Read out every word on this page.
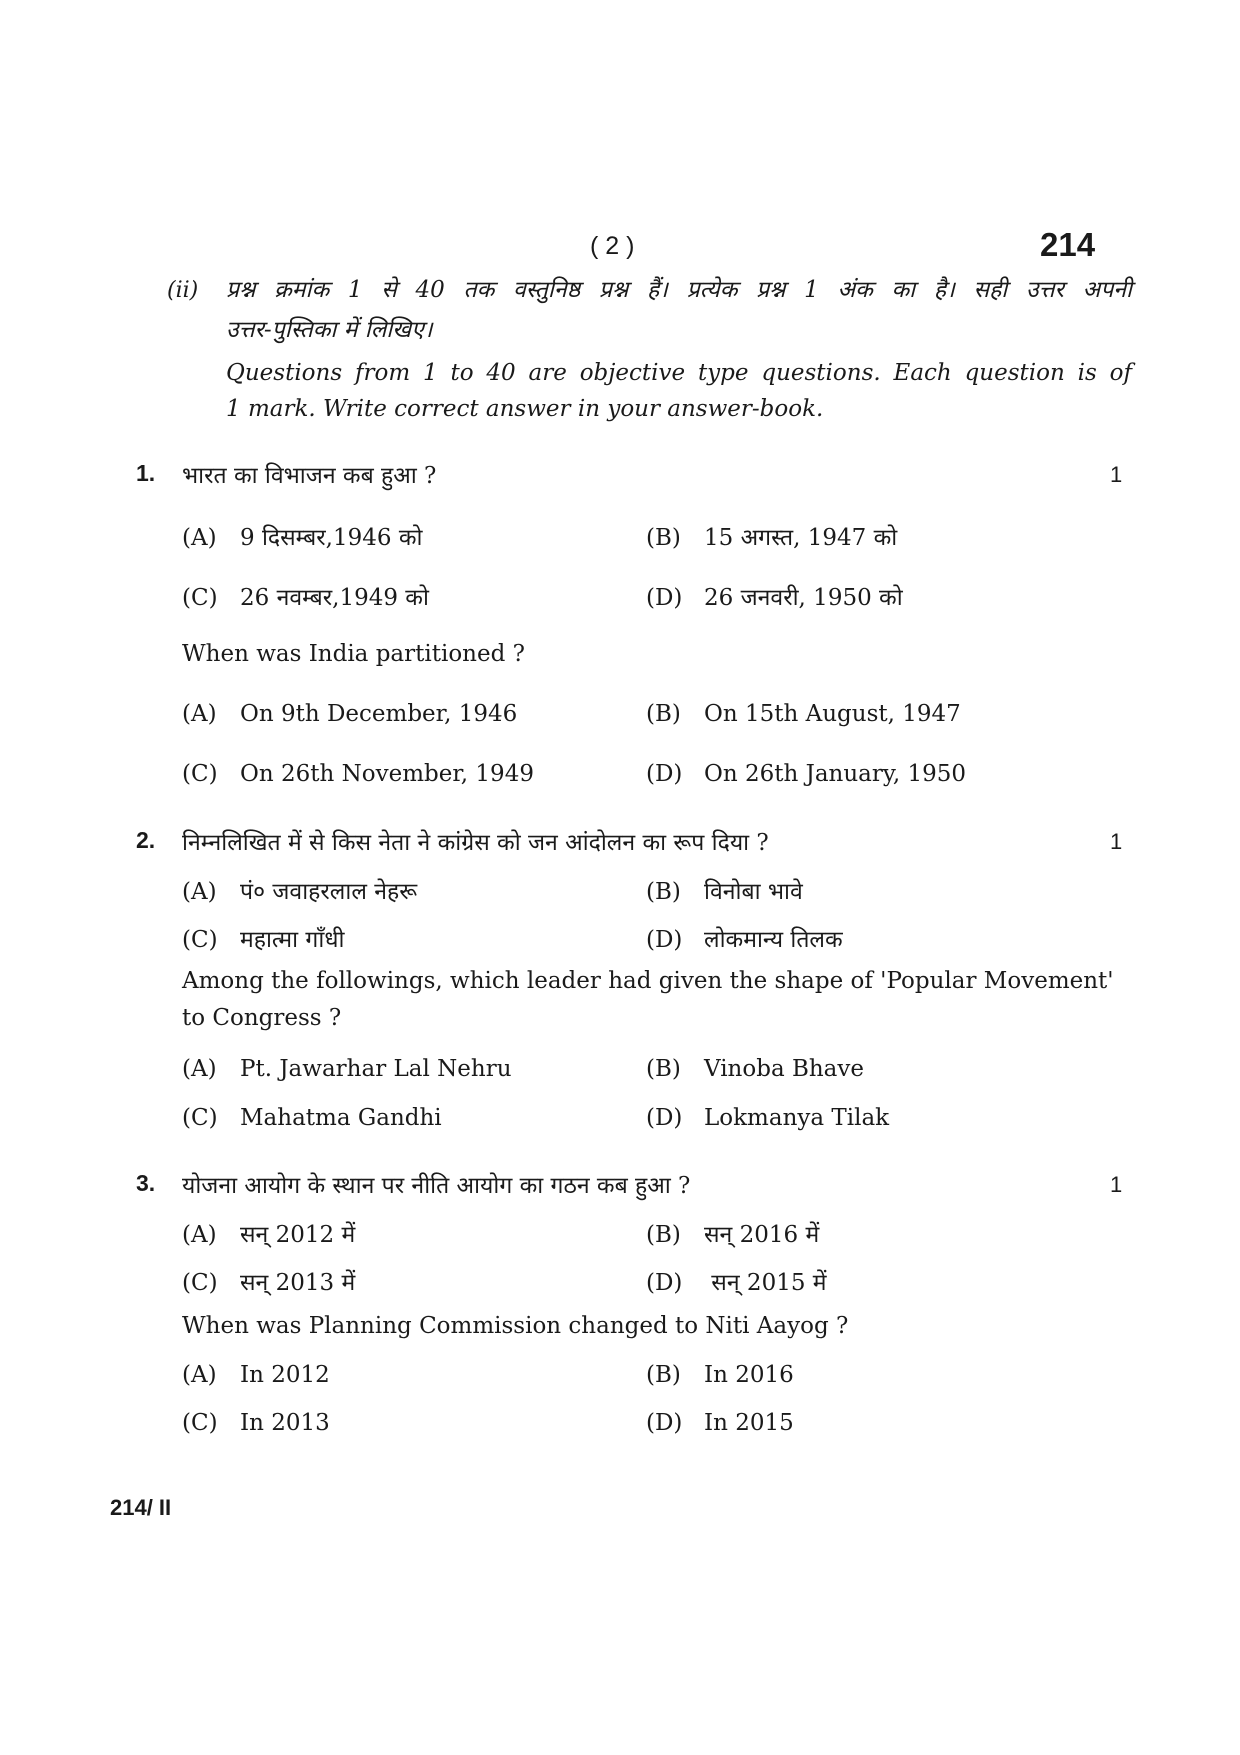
( 2 )	214
(ii) प्रश्न क्रमांक 1 से 40 तक वस्तुनिष्ठ प्रश्न हैं। प्रत्येक प्रश्न 1 अंक का है। सही उत्तर अपनी
उत्तर-पुस्तिका में लिखिए।
Questions from 1 to 40 are objective type questions. Each question is of
1 mark. Write correct answer in your answer-book.
1. भारत का विभाजन कब हुआ ?	1
(A) 9 दिसम्बर,1946 को	(B) 15 अगस्त, 1947 को
(C) 26 नवम्बर,1949 को	(D) 26 जनवरी, 1950 को
When was India partitioned ?
(A) On 9th December, 1946	(B) On 15th August, 1947
(C) On 26th November, 1949	(D) On 26th January, 1950
2. निम्नलिखित में से किस नेता ने कांग्रेस को जन आंदोलन का रूप दिया ?	1
(A) पं० जवाहरलाल नेहरू	(B) विनोबा भावे
(C) महात्मा गाँधी	(D) लोकमान्य तिलक
Among the followings, which leader had given the shape of 'Popular Movement' to Congress ?
(A) Pt. Jawarhar Lal Nehru	(B) Vinoba Bhave
(C) Mahatma Gandhi	(D) Lokmanya Tilak
3. योजना आयोग के स्थान पर नीति आयोग का गठन कब हुआ ?	1
(A) सन् 2012 में	(B) सन् 2016 में
(C) सन् 2013 में	(D) सन् 2015 में
When was Planning Commission changed to Niti Aayog ?
(A) In 2012	(B) In 2016
(C) In 2013	(D) In 2015
214/ II
